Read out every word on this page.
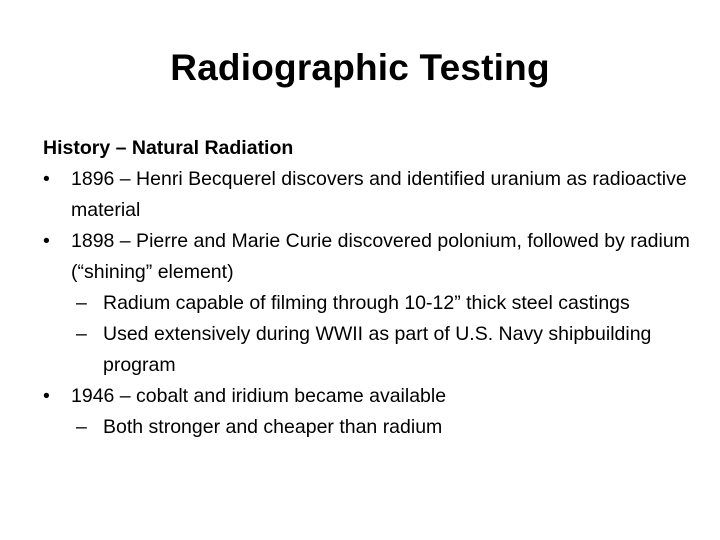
Radiographic Testing

History – Natural Radiation

• 1896 – Henri Becquerel discovers and identified uranium as radioactive material
• 1898 – Pierre and Marie Curie discovered polonium, followed by radium (“shining” element)
– Radium capable of filming through 10-12” thick steel castings
– Used extensively during WWII as part of U.S. Navy shipbuilding program
• 1946 – cobalt and iridium became available
– Both stronger and cheaper than radium
